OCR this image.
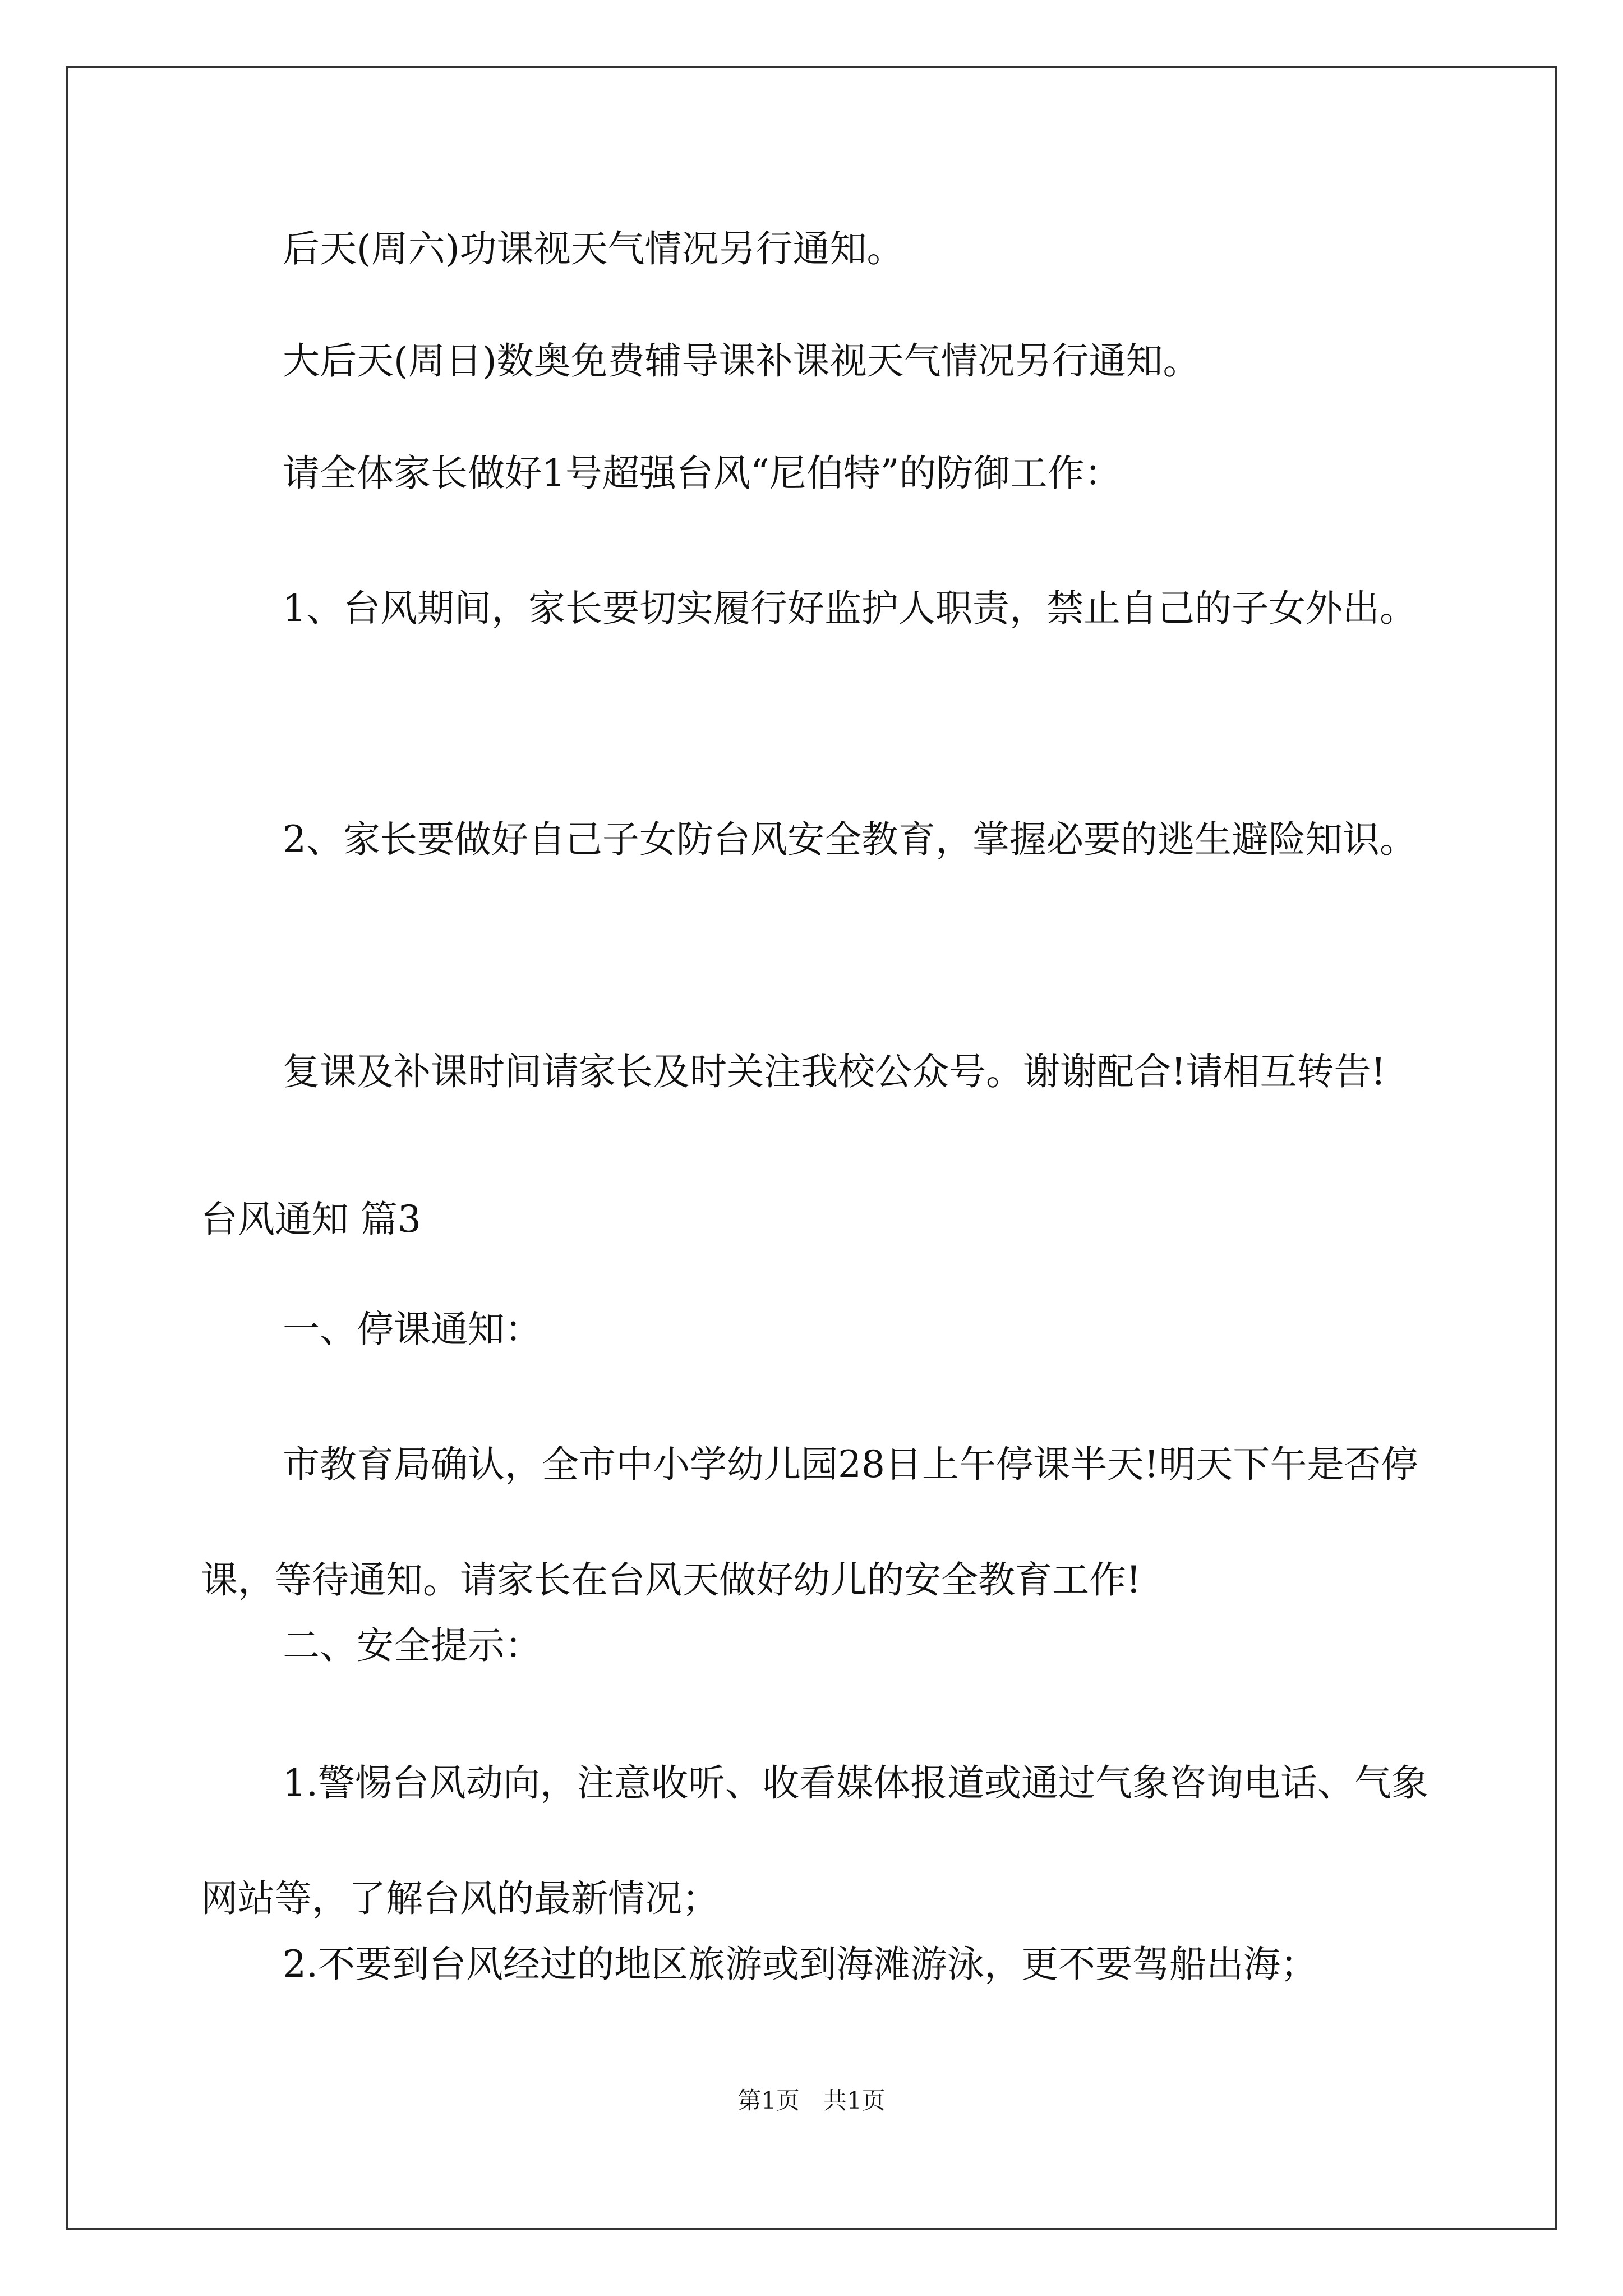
后天(周六)功课视天气情况另行通知。
大后天(周日)数奥免费辅导课补课视天气情况另行通知。
请全体家长做好1号超强台风“尼伯特”的防御工作：
1、台风期间，家长要切实履行好监护人职责，禁止自己的子女外出。
2、家长要做好自己子女防台风安全教育，掌握必要的逃生避险知识。
复课及补课时间请家长及时关注我校公众号。谢谢配合!请相互转告!
台风通知 篇3
一、停课通知：
市教育局确认，全市中小学幼儿园28日上午停课半天!明天下午是否停课，等待通知。请家长在台风天做好幼儿的安全教育工作!
二、安全提示：
1.警惕台风动向，注意收听、收看媒体报道或通过气象咨询电话、气象网站等，了解台风的最新情况；
2.不要到台风经过的地区旅游或到海滩游泳，更不要驾船出海；
第1页　共1页
